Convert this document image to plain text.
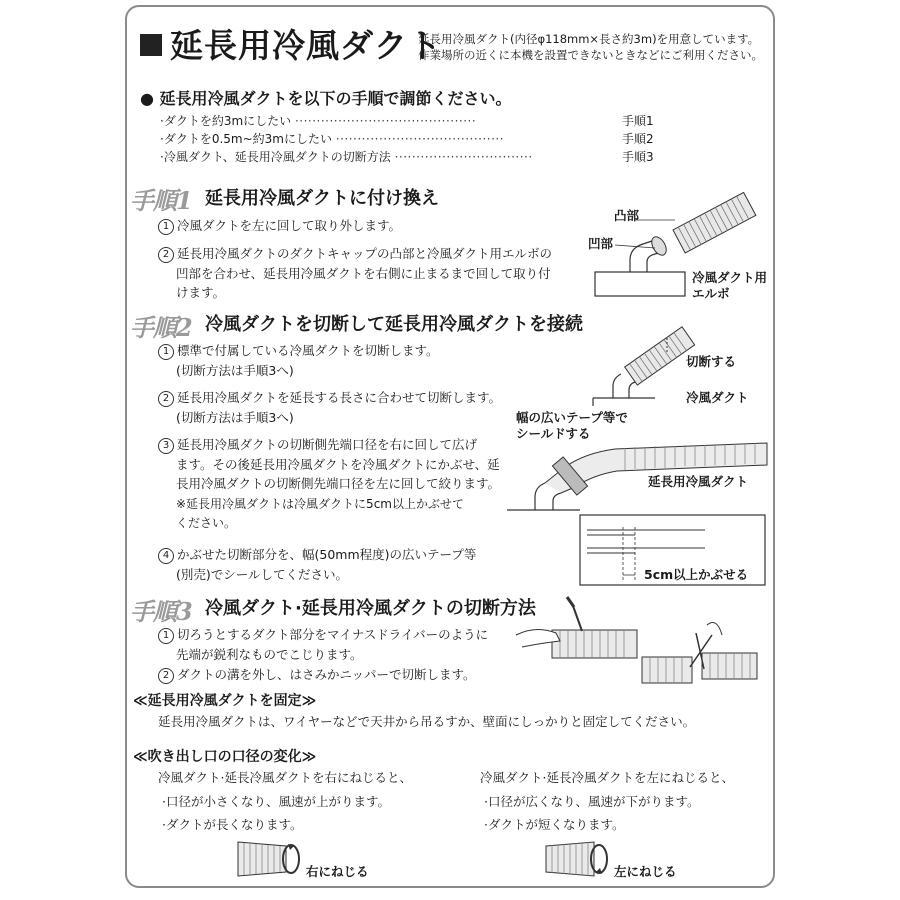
延長用冷風ダクト
延長用冷風ダクト(内径φ118mm×長さ約3m)を用意しています。
作業場所の近くに本機を設置できないときなどにご利用ください。
● 延長用冷風ダクトを以下の手順で調節ください。
·ダクトを約3mにしたい ··········································	手順1
·ダクトを0.5m~約3mにしたい ·······································	手順2
·冷風ダクト、延長用冷風ダクトの切断方法 ································	手順3
手順1 延長用冷風ダクトに付け換え
1 冷風ダクトを左に回して取り外します。
2 延長用冷風ダクトのダクトキャップの凸部と冷風ダクト用エルボの
凹部を合わせ、延長用冷風ダクトを右側に止まるまで回して取り付
けます。
凸部
凹部
冷風ダクト用
エルボ
手順2 冷風ダクトを切断して延長用冷風ダクトを接続
1 標準で付属している冷風ダクトを切断します。
(切断方法は手順3へ)
2 延長用冷風ダクトを延長する長さに合わせて切断します。
(切断方法は手順3へ)
3 延長用冷風ダクトの切断側先端口径を右に回して広げ
ます。その後延長用冷風ダクトを冷風ダクトにかぶせ、延
長用冷風ダクトの切断側先端口径を左に回して絞ります。
※延長用冷風ダクトは冷風ダクトに5cm以上かぶせて
ください。
4 かぶせた切断部分を、幅(50mm程度)の広いテープ等
(別売)でシールしてください。
切断する
冷風ダクト
幅の広いテープ等で
シールドする
延長用冷風ダクト
5cm以上かぶせる
手順3 冷風ダクト·延長用冷風ダクトの切断方法
1 切ろうとするダクト部分をマイナスドライバーのように
先端が鋭利なものでこじります。
2 ダクトの溝を外し、はさみかニッパーで切断します。
≪延長用冷風ダクトを固定≫
延長用冷風ダクトは、ワイヤーなどで天井から吊るすか、壁面にしっかりと固定してください。
≪吹き出し口の口径の変化≫
冷風ダクト·延長冷風ダクトを右にねじると、
·口径が小さくなり、風速が上がります。
·ダクトが長くなります。
冷風ダクト·延長冷風ダクトを左にねじると、
·口径が広くなり、風速が下がります。
·ダクトが短くなります。
右にねじる	左にねじる
